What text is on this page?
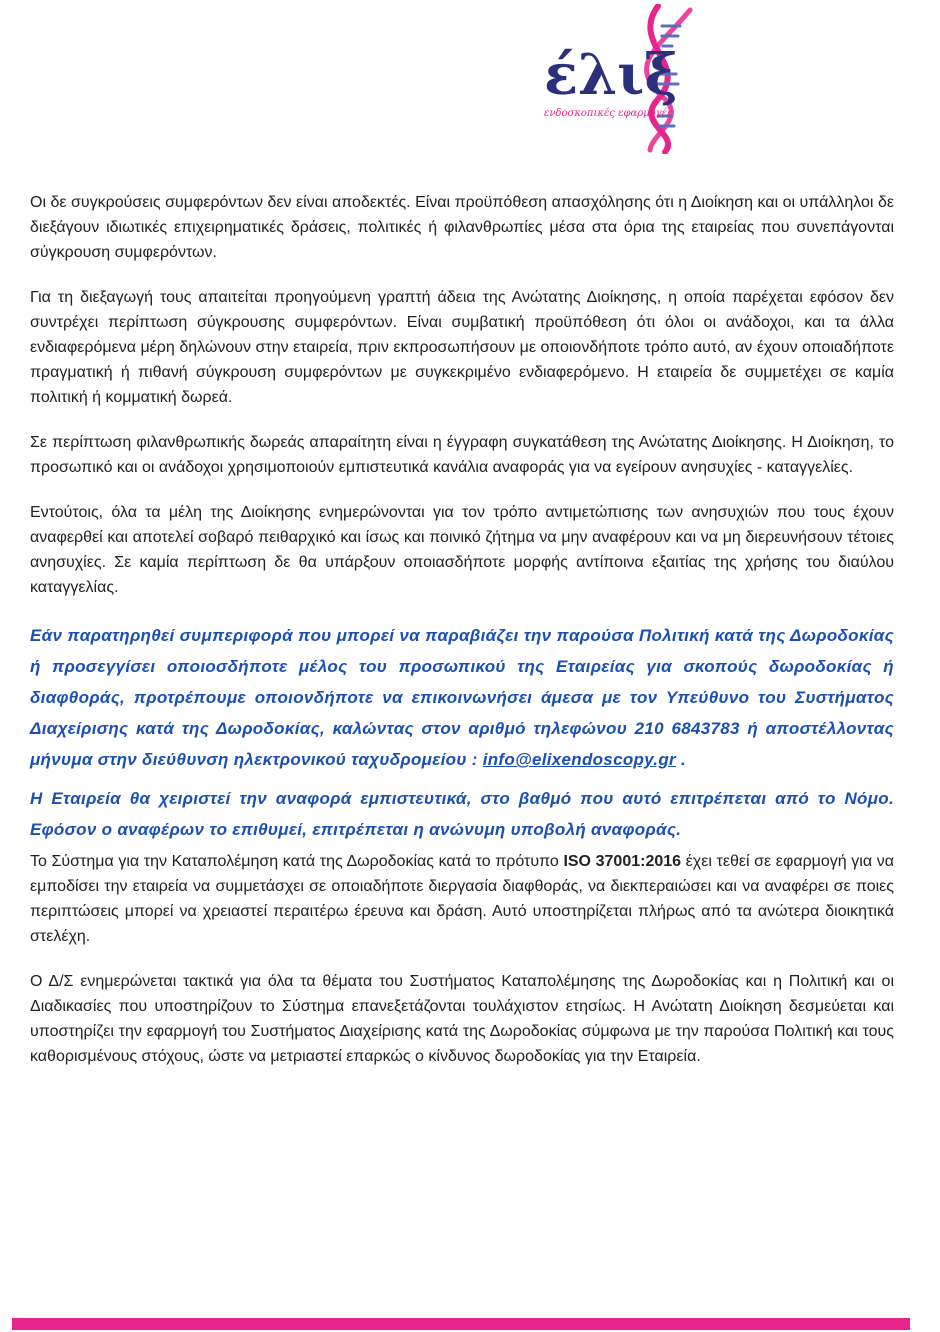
έλιξ
ενδοσκοπικές εφαρμογές

Οι δε συγκρούσεις συμφερόντων δεν είναι αποδεκτές. Είναι προϋπόθεση απασχόλησης ότι η Διοίκηση και οι υπάλληλοι δε διεξάγουν ιδιωτικές επιχειρηματικές δράσεις, πολιτικές ή φιλανθρωπίες μέσα στα όρια της εταιρείας που συνεπάγονται σύγκρουση συμφερόντων.

Για τη διεξαγωγή τους απαιτείται προηγούμενη γραπτή άδεια της Ανώτατης Διοίκησης, η οποία παρέχεται εφόσον δεν συντρέχει περίπτωση σύγκρουσης συμφερόντων. Είναι συμβατική προϋπόθεση ότι όλοι οι ανάδοχοι, και τα άλλα ενδιαφερόμενα μέρη δηλώνουν στην εταιρεία, πριν εκπροσωπήσουν με οποιονδήποτε τρόπο αυτό, αν έχουν οποιαδήποτε πραγματική ή πιθανή σύγκρουση συμφερόντων με συγκεκριμένο ενδιαφερόμενο. Η εταιρεία δε συμμετέχει σε καμία πολιτική ή κομματική δωρεά.

Σε περίπτωση φιλανθρωπικής δωρεάς απαραίτητη είναι η έγγραφη συγκατάθεση της Ανώτατης Διοίκησης. Η Διοίκηση, το προσωπικό και οι ανάδοχοι χρησιμοποιούν εμπιστευτικά κανάλια αναφοράς για να εγείρουν ανησυχίες - καταγγελίες.

Εντούτοις, όλα τα μέλη της Διοίκησης ενημερώνονται για τον τρόπο αντιμετώπισης των ανησυχιών που τους έχουν αναφερθεί και αποτελεί σοβαρό πειθαρχικό και ίσως και ποινικό ζήτημα να μην αναφέρουν και να μη διερευνήσουν τέτοιες ανησυχίες. Σε καμία περίπτωση δε θα υπάρξουν οποιασδήποτε μορφής αντίποινα εξαιτίας της χρήσης του διαύλου καταγγελίας.

Εάν παρατηρηθεί συμπεριφορά που μπορεί να παραβιάζει την παρούσα Πολιτική κατά της Δωροδοκίας ή προσεγγίσει οποιοσδήποτε μέλος του προσωπικού της Εταιρείας για σκοπούς δωροδοκίας ή διαφθοράς, προτρέπουμε οποιονδήποτε να επικοινωνήσει άμεσα με τον Υπεύθυνο του Συστήματος Διαχείρισης κατά της Δωροδοκίας, καλώντας στον αριθμό τηλεφώνου 210 6843783 ή αποστέλλοντας μήνυμα στην διεύθυνση ηλεκτρονικού ταχυδρομείου : info@elixendoscopy.gr .

Η Εταιρεία θα χειριστεί την αναφορά εμπιστευτικά, στο βαθμό που αυτό επιτρέπεται από το Νόμο. Εφόσον ο αναφέρων το επιθυμεί, επιτρέπεται η ανώνυμη υποβολή αναφοράς.

Το Σύστημα για την Καταπολέμηση κατά της Δωροδοκίας κατά το πρότυπο ISO 37001:2016 έχει τεθεί σε εφαρμογή για να εμποδίσει την εταιρεία να συμμετάσχει σε οποιαδήποτε διεργασία διαφθοράς, να διεκπεραιώσει και να αναφέρει σε ποιες περιπτώσεις μπορεί να χρειαστεί περαιτέρω έρευνα και δράση. Αυτό υποστηρίζεται πλήρως από τα ανώτερα διοικητικά στελέχη.

Ο Δ/Σ ενημερώνεται τακτικά για όλα τα θέματα του Συστήματος Καταπολέμησης της Δωροδοκίας και η Πολιτική και οι Διαδικασίες που υποστηρίζουν το Σύστημα επανεξετάζονται τουλάχιστον ετησίως. Η Ανώτατη Διοίκηση δεσμεύεται και υποστηρίζει την εφαρμογή του Συστήματος Διαχείρισης κατά της Δωροδοκίας σύμφωνα με την παρούσα Πολιτική και τους καθορισμένους στόχους, ώστε να μετριαστεί επαρκώς ο κίνδυνος δωροδοκίας για την Εταιρεία.
